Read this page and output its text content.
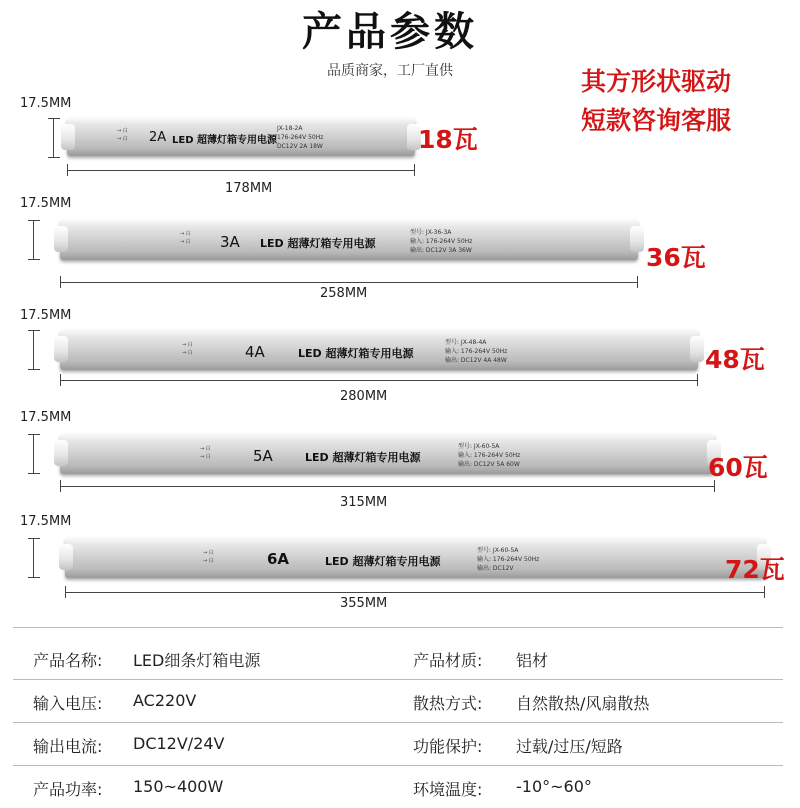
产品参数
品质商家，工厂直供	其方形状驱动
短款咨询客服
17.5MM
→ 白
→ 白 2A LED 超薄灯箱专用电源
JX-18-2A
176-264V 50Hz
DC12V 2A 18W	18瓦
178MM
17.5MM
→ 白
→ 白 3A LED 超薄灯箱专用电源
型号: JX-36-3A
输入: 176-264V 50Hz
输出: DC12V 3A 36W	36瓦
258MM
17.5MM
→ 白
→ 白	4A	LED 超薄灯箱专用电源
型号: JX-48-4A
输入: 176-264V 50Hz
输出: DC12V 4A 48W	48瓦
280MM
17.5MM
→ 白
→ 白	5A	LED 超薄灯箱专用电源
型号: JX-60-5A
输入: 176-264V 50Hz
输出: DC12V 5A 60W	60瓦
315MM
17.5MM
→ 白
→ 白	6A	LED 超薄灯箱专用电源
型号: JX-60-5A
输入: 176-264V 50Hz
输出: DC12V	72瓦
355MM
产品名称: LED细条灯箱电源	产品材质: 铝材
输入电压: AC220V	散热方式: 自然散热/风扇散热
输出电流: DC12V/24V	功能保护: 过载/过压/短路
产品功率: 150~400W	环境温度: -10°~60°
